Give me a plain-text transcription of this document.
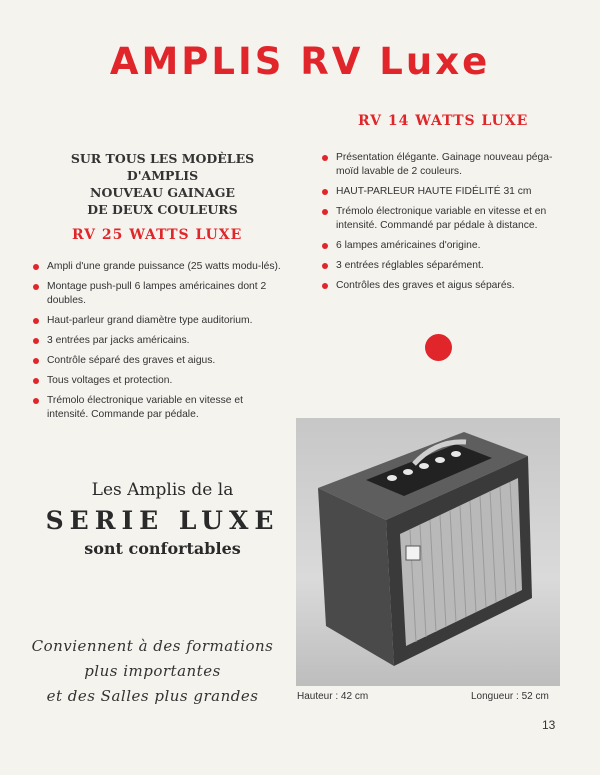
AMPLIS RV Luxe
RV 14 WATTS LUXE
SUR TOUS LES MODÈLES D'AMPLIS
NOUVEAU GAINAGE
DE DEUX COULEURS
Présentation élégante. Gainage nouveau péga-moïd lavable de 2 couleurs.
HAUT-PARLEUR HAUTE FIDÉLITÉ 31 cm
Trémolo électronique variable en vitesse et en intensité. Commandé par pédale à distance.
6 lampes américaines d'origine.
3 entrées réglables séparément.
Contrôles des graves et aigus séparés.
RV 25 WATTS LUXE
Ampli d'une grande puissance (25 watts modu-lés).
Montage push-pull 6 lampes américaines dont 2 doubles.
Haut-parleur grand diamètre type auditorium.
3 entrées par jacks américains.
Contrôle séparé des graves et aigus.
Tous voltages et protection.
Trémolo électronique variable en vitesse et intensité. Commande par pédale.

Les Amplis de la

SERIE LUXE

sont confortables

Conviennent à des formations

plus importantes

et des Salles plus grandes	Hauteur : 42 cm	Longueur : 52 cm
13
